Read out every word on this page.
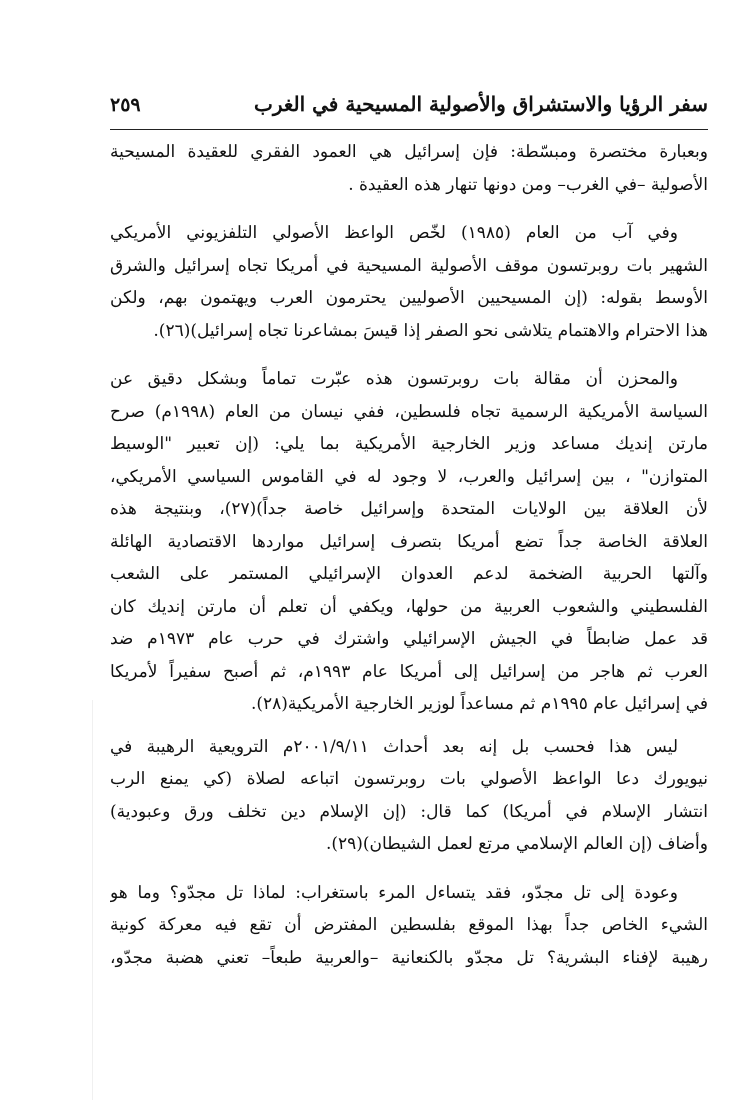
سفر الرؤيا والاستشراق والأصولية المسيحية في الغرب
٢٥٩

وبعبارة مختصرة ومبسّطة: فإن إسرائيل هي العمود الفقري للعقيدة المسيحية
الأصولية –في الغرب– ومن دونها تنهار هذه العقيدة .

وفي آب من العام (١٩٨٥) لخّص الواعظ الأصولي التلفزيوني الأمريكي
الشهير بات روبرتسون موقف الأصولية المسيحية في أمريكا تجاه إسرائيل والشرق
الأوسط بقوله: (إن المسيحيين الأصوليين يحترمون العرب ويهتمون بهم، ولكن
هذا الاحترام والاهتمام يتلاشى نحو الصفر إذا قيسَ بمشاعرنا تجاه إسرائيل)(٢٦).

والمحزن أن مقالة بات روبرتسون هذه عبّرت تماماً وبشكل دقيق عن
السياسة الأمريكية الرسمية تجاه فلسطين، ففي نيسان من العام (١٩٩٨م) صرح
مارتن إنديك مساعد وزير الخارجية الأمريكية بما يلي: (إن تعبير "الوسيط
المتوازن" ، بين إسرائيل والعرب، لا وجود له في القاموس السياسي الأمريكي،
لأن العلاقة بين الولايات المتحدة وإسرائيل خاصة جداً)(٢٧)، وبنتيجة هذه
العلاقة الخاصة جداً تضع أمريكا بتصرف إسرائيل مواردها الاقتصادية الهائلة
وآلتها الحربية الضخمة لدعم العدوان الإسرائيلي المستمر على الشعب
الفلسطيني والشعوب العربية من حولها، ويكفي أن تعلم أن مارتن إنديك كان
قد عمل ضابطاً في الجيش الإسرائيلي واشترك في حرب عام ١٩٧٣م ضد
العرب ثم هاجر من إسرائيل إلى أمريكا عام ١٩٩٣م، ثم أصبح سفيراً لأمريكا
في إسرائيل عام ١٩٩٥م ثم مساعداً لوزير الخارجية الأمريكية(٢٨).

ليس هذا فحسب بل إنه بعد أحداث ٢٠٠١/٩/١١م الترويعية الرهيبة في
نيويورك دعا الواعظ الأصولي بات روبرتسون اتباعه لصلاة (كي يمنع الرب
انتشار الإسلام في أمريكا) كما قال: (إن الإسلام دين تخلف ورق وعبودية)
وأضاف (إن العالم الإسلامي مرتع لعمل الشيطان)(٢٩).

وعودة إلى تل مجدّو، فقد يتساءل المرء باستغراب: لماذا تل مجدّو؟ وما هو
الشيء الخاص جداً بهذا الموقع بفلسطين المفترض أن تقع فيه معركة كونية
رهيبة لإفناء البشرية؟ تل مجدّو بالكنعانية –والعربية طبعاً– تعني هضبة مجدّو،
